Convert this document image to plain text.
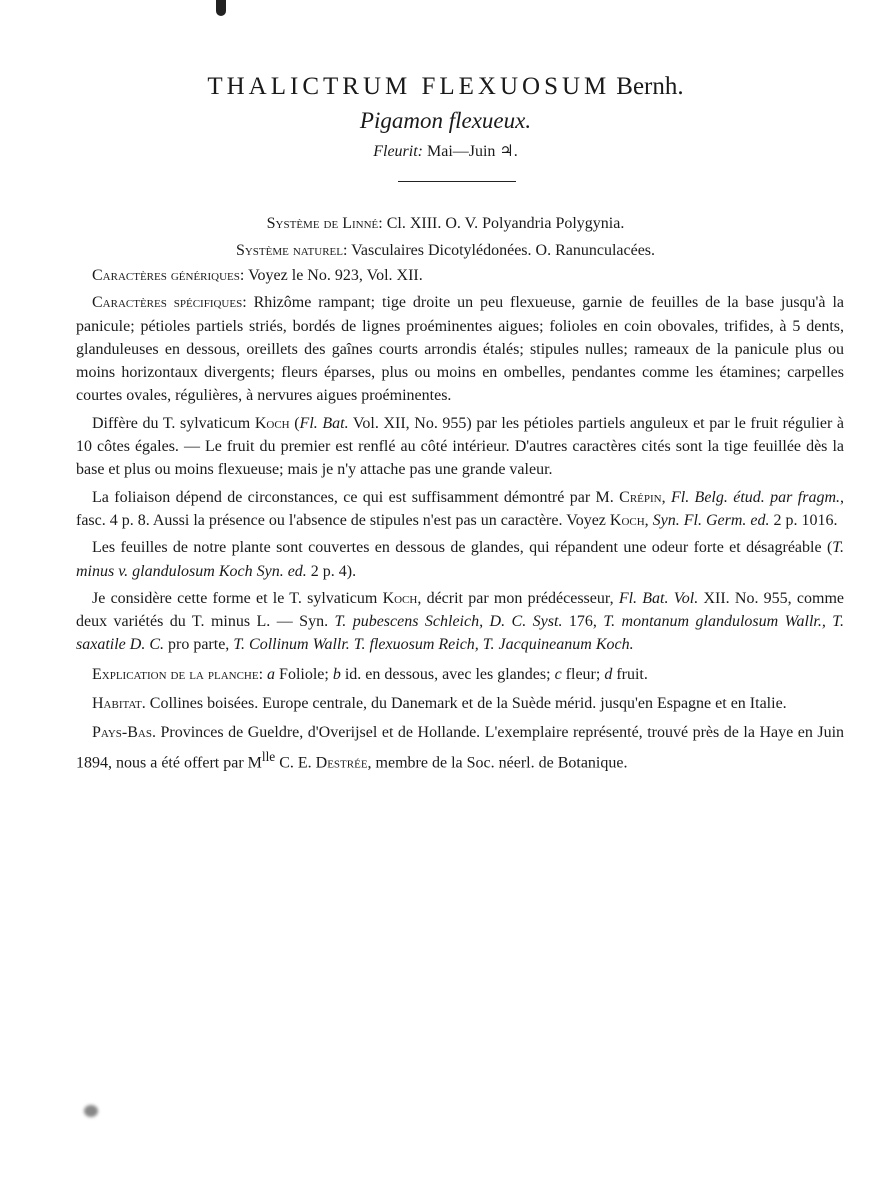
THALICTRUM FLEXUOSUM Bernh.
Pigamon flexueux.
Fleurit: Mai—Juin ♃.
Système de Linné: Cl. XIII. O. V. Polyandria Polygynia.
Système naturel: Vasculaires Dicotylédonées. O. Ranunculacées.

Caractères génériques: Voyez le No. 923, Vol. XII.

Caractères spécifiques: Rhizôme rampant; tige droite un peu flexueuse, garnie de feuilles de la base jusqu'à la panicule; pétioles partiels striés, bordés de lignes proéminentes aigues; folioles en coin obovales, trifides, à 5 dents, glanduleuses en dessous, oreillets des gaînes courts arrondis étalés; stipules nulles; rameaux de la panicule plus ou moins horizontaux divergents; fleurs éparses, plus ou moins en ombelles, pendantes comme les étamines; carpelles courtes ovales, régulières, à nervures aigues proéminentes.

Diffère du T. sylvaticum Koch (Fl. Bat. Vol. XII, No. 955) par les pétioles partiels anguleux et par le fruit régulier à 10 côtes égales. — Le fruit du premier est renflé au côté intérieur. D'autres caractères cités sont la tige feuillée dès la base et plus ou moins flexueuse; mais je n'y attache pas une grande valeur.

La foliaison dépend de circonstances, ce qui est suffisamment démontré par M. Crépin, Fl. Belg. étud. par fragm., fasc. 4 p. 8. Aussi la présence ou l'absence de stipules n'est pas un caractère. Voyez Koch, Syn. Fl. Germ. ed. 2 p. 1016.

Les feuilles de notre plante sont couvertes en dessous de glandes, qui répandent une odeur forte et désagréable (T. minus v. glandulosum Koch Syn. ed. 2 p. 4).

Je considère cette forme et le T. sylvaticum Koch, décrit par mon prédécesseur, Fl. Bat. Vol. XII. No. 955, comme deux variétés du T. minus L. — Syn. T. pubescens Schleich, D. C. Syst. 176, T. montanum glandulosum Wallr., T. saxatile D. C. pro parte, T. Collinum Wallr. T. flexuosum Reich, T. Jacquineanum Koch.

Explication de la planche: a Foliole; b id. en dessous, avec les glandes; c fleur; d fruit.

Habitat. Collines boisées. Europe centrale, du Danemark et de la Suède mérid. jusqu'en Espagne et en Italie.

Pays-Bas. Provinces de Gueldre, d'Overijsel et de Hollande. L'exemplaire représenté, trouvé près de la Haye en Juin 1894, nous a été offert par $M^{lle}$ C. E. Destrée, membre de la Soc. néerl. de Botanique.
